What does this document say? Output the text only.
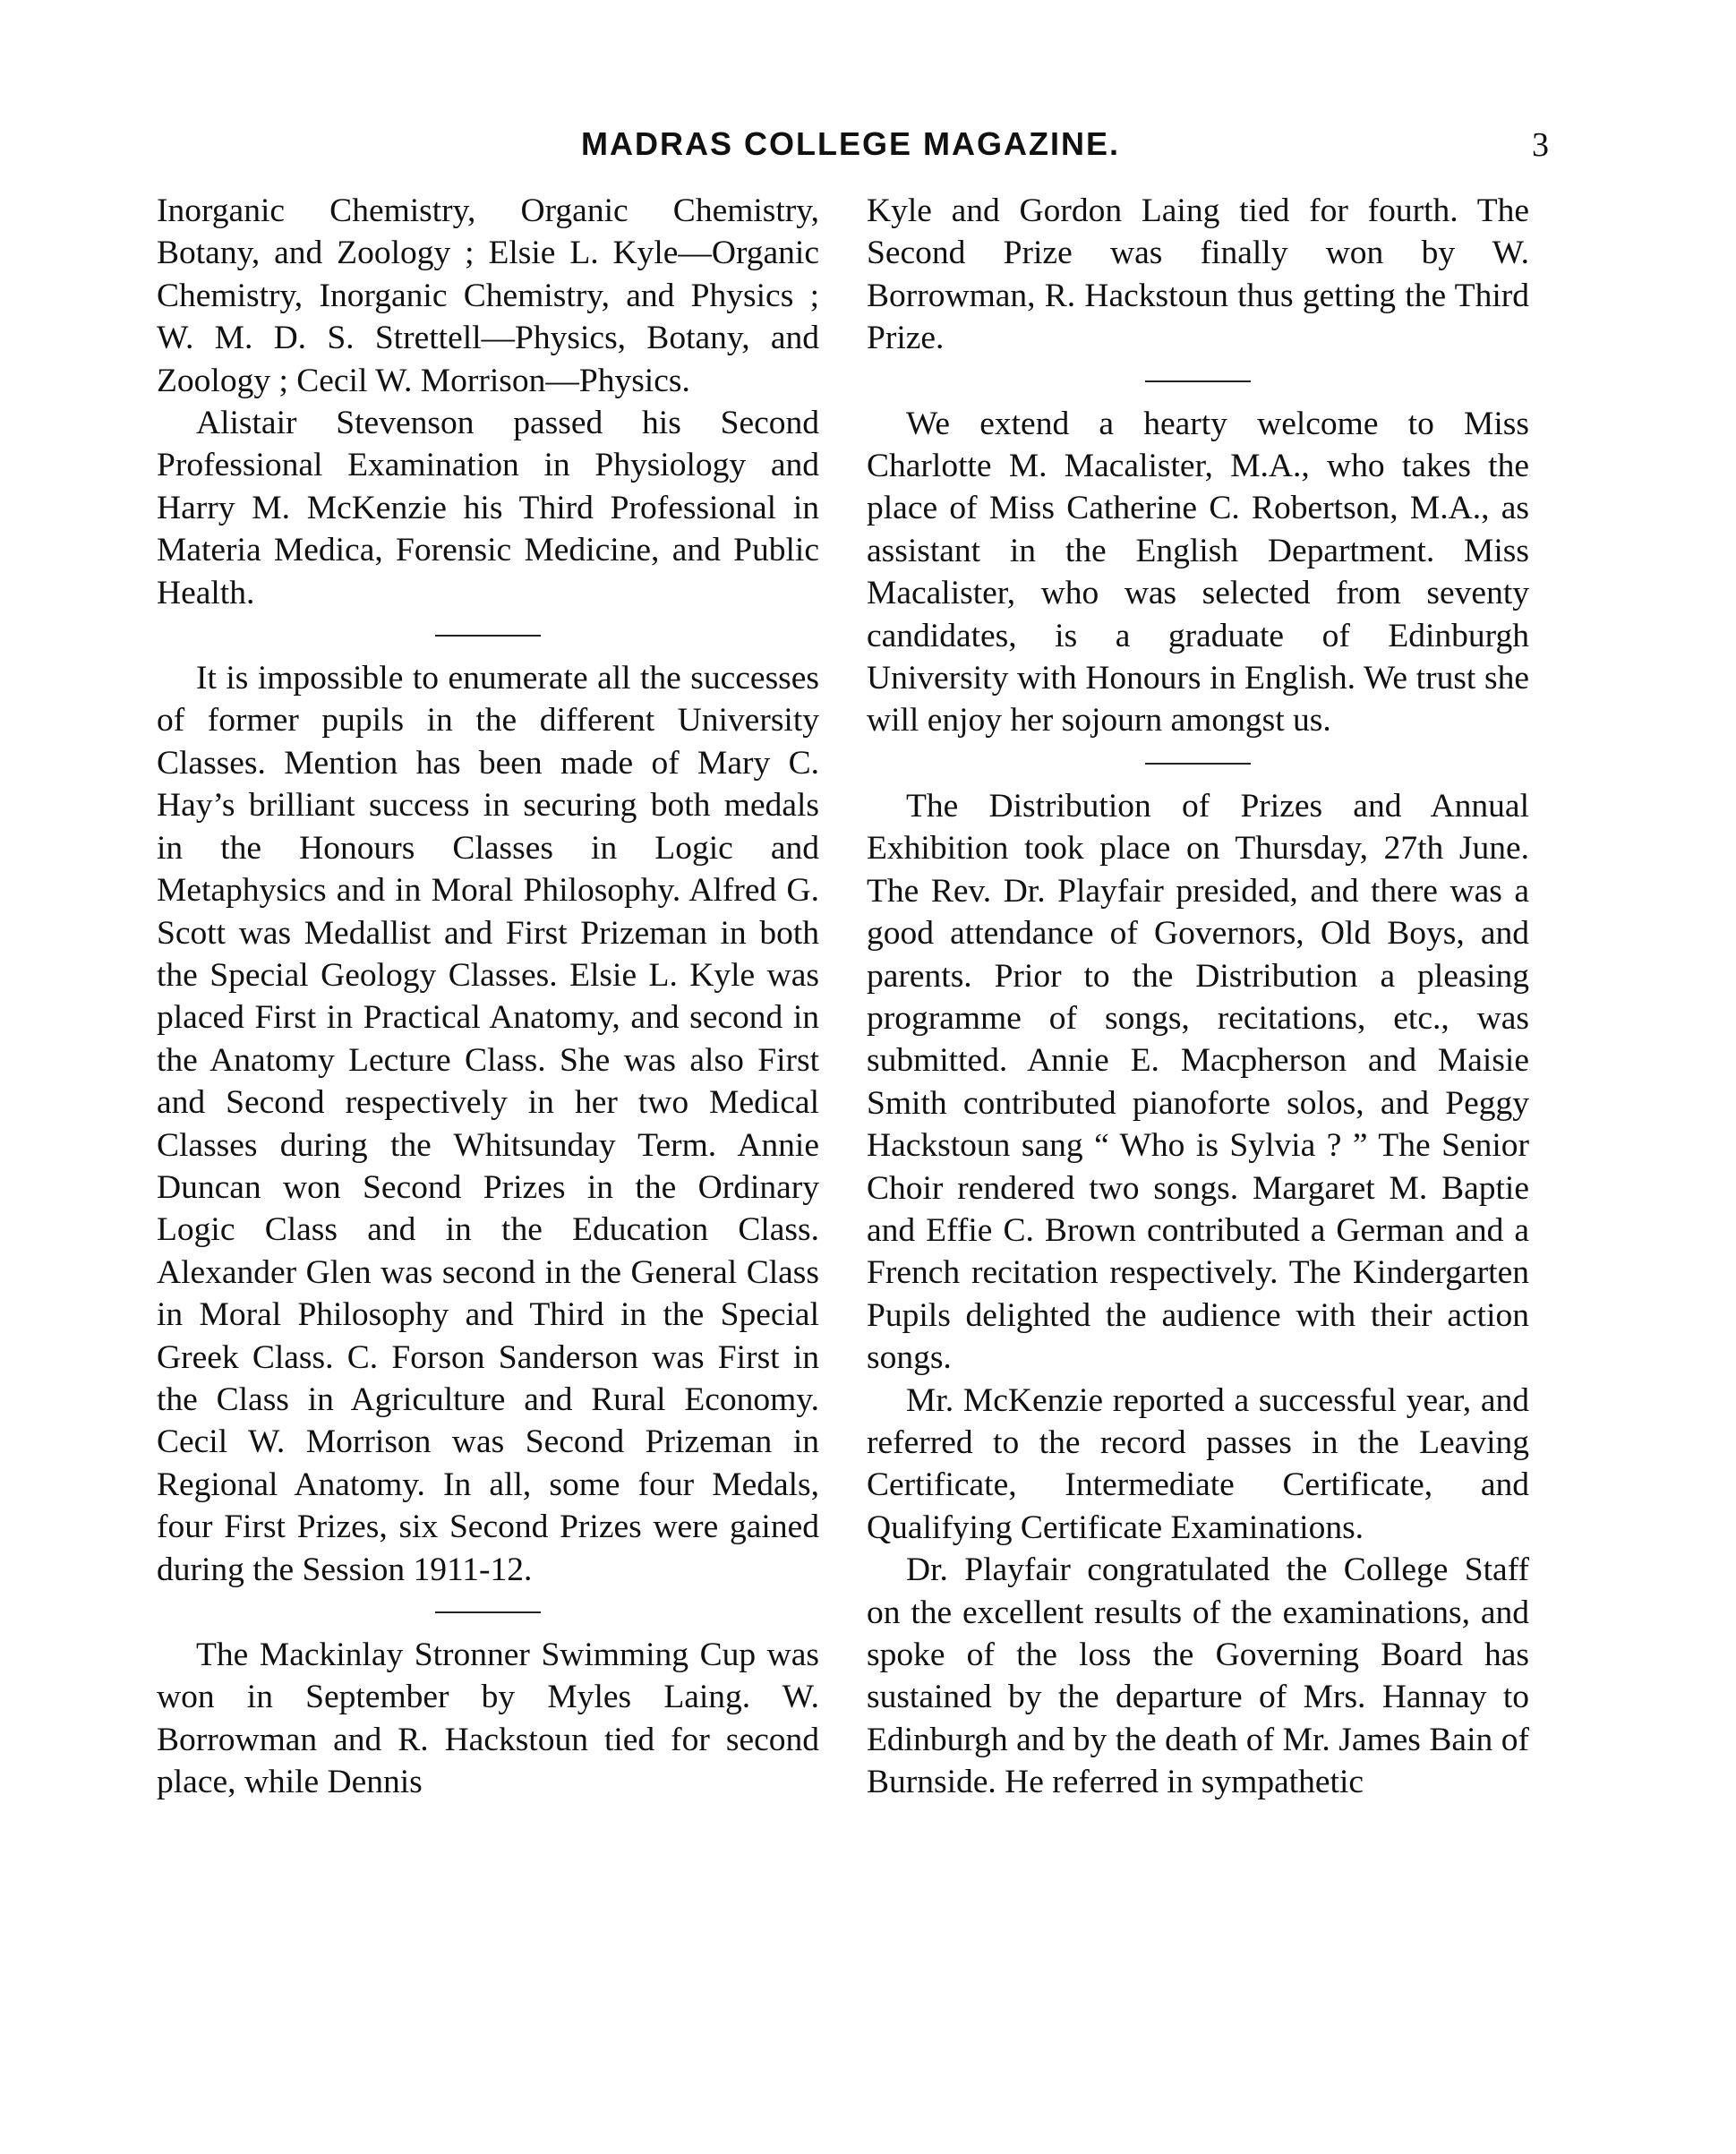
MADRAS COLLEGE MAGAZINE.	3

Inorganic Chemistry, Organic Chemistry, Botany, and Zoology ; Elsie L. Kyle—Organic Chemistry, Inorganic Chemistry, and Physics ; W. M. D. S. Strettell—Physics, Botany, and Zoology ; Cecil W. Morrison—Physics.

Alistair Stevenson passed his Second Professional Examination in Physiology and Harry M. McKenzie his Third Professional in Materia Medica, Forensic Medicine, and Public Health.

It is impossible to enumerate all the successes of former pupils in the different University Classes. Mention has been made of Mary C. Hay’s brilliant success in securing both medals in the Honours Classes in Logic and Metaphysics and in Moral Philosophy. Alfred G. Scott was Medallist and First Prizeman in both the Special Geology Classes. Elsie L. Kyle was placed First in Practical Anatomy, and second in the Anatomy Lecture Class. She was also First and Second respectively in her two Medical Classes during the Whitsunday Term. Annie Duncan won Second Prizes in the Ordinary Logic Class and in the Education Class. Alexander Glen was second in the General Class in Moral Philosophy and Third in the Special Greek Class. C. Forson Sanderson was First in the Class in Agriculture and Rural Economy. Cecil W. Morrison was Second Prizeman in Regional Anatomy. In all, some four Medals, four First Prizes, six Second Prizes were gained during the Session 1911-12.

The Mackinlay Stronner Swimming Cup was won in September by Myles Laing. W. Borrowman and R. Hackstoun tied for second place, while Dennis

Kyle and Gordon Laing tied for fourth. The Second Prize was finally won by W. Borrowman, R. Hackstoun thus getting the Third Prize.

We extend a hearty welcome to Miss Charlotte M. Macalister, M.A., who takes the place of Miss Catherine C. Robertson, M.A., as assistant in the English Department. Miss Macalister, who was selected from seventy candidates, is a graduate of Edinburgh University with Honours in English. We trust she will enjoy her sojourn amongst us.

The Distribution of Prizes and Annual Exhibition took place on Thursday, 27th June. The Rev. Dr. Playfair presided, and there was a good attendance of Governors, Old Boys, and parents. Prior to the Distribution a pleasing programme of songs, recitations, etc., was submitted. Annie E. Macpherson and Maisie Smith contributed pianoforte solos, and Peggy Hackstoun sang “ Who is Sylvia ? ” The Senior Choir rendered two songs. Margaret M. Baptie and Effie C. Brown contributed a German and a French recitation respectively. The Kindergarten Pupils delighted the audience with their action songs.

Mr. McKenzie reported a successful year, and referred to the record passes in the Leaving Certificate, Intermediate Certificate, and Qualifying Certificate Examinations.

Dr. Playfair congratulated the College Staff on the excellent results of the examinations, and spoke of the loss the Governing Board has sustained by the departure of Mrs. Hannay to Edinburgh and by the death of Mr. James Bain of Burnside. He referred in sympathetic
